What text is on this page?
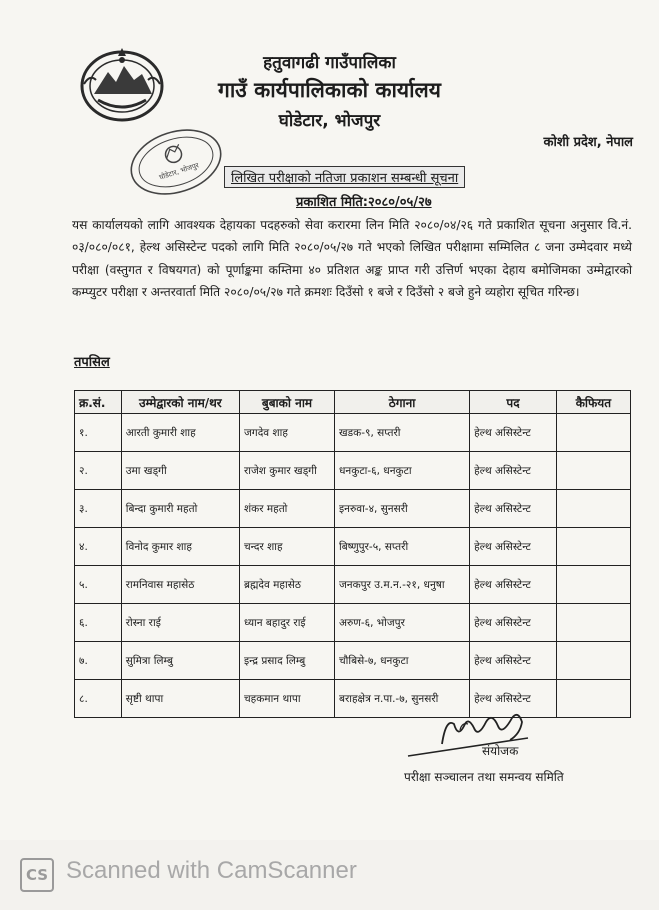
घोडेटार, भोजपुर
हतुवागढी गाउँपालिका
गाउँ कार्यपालिकाको कार्यालय
घोडेटार, भोजपुर
कोशी प्रदेश, नेपाल
लिखित परीक्षाको नतिजा प्रकाशन सम्बन्धी सूचना
प्रकाशित मिति:२०८०/०५/२७
यस कार्यालयको लागि आवश्यक देहायका पदहरुको सेवा करारमा लिन मिति २०८०/०४/२६ गते प्रकाशित सूचना अनुसार वि.नं. ०३/०८०/०८१, हेल्थ असिस्टेन्ट पदको लागि मिति २०८०/०५/२७ गते भएको लिखित परीक्षामा सम्मिलित ८ जना उम्मेदवार मध्ये परीक्षा (वस्तुगत र विषयगत) को पूर्णाङ्कमा कम्तिमा ४० प्रतिशत अङ्क प्राप्त गरी उत्तिर्ण भएका देहाय बमोजिमका उम्मेद्वारको कम्प्युटर परीक्षा र अन्तरवार्ता मिति २०८०/०५/२७ गते क्रमशः दिउँसो १ बजे र दिउँसो २ बजे हुने व्यहोरा सूचित गरिन्छ।
तपसिल
क्र.सं.	उम्मेद्वारको नाम/थर	बुबाको नाम	ठेगाना	पद	कैफियत
१.	आरती कुमारी शाह	जगदेव शाह	खडक-९, सप्तरी	हेल्थ असिस्टेन्ट	
२.	उमा खड्गी	राजेश कुमार खड्गी	धनकुटा-६, धनकुटा	हेल्थ असिस्टेन्ट	
३.	बिन्दा कुमारी महतो	शंकर महतो	इनरुवा-४, सुनसरी	हेल्थ असिस्टेन्ट	
४.	विनोद कुमार शाह	चन्दर शाह	बिष्णुपुर-५, सप्तरी	हेल्थ असिस्टेन्ट	
५.	रामनिवास महासेठ	ब्रह्मदेव महासेठ	जनकपुर उ.म.न.-२१, धनुषा	हेल्थ असिस्टेन्ट	
६.	रोस्ना राई	ध्यान बहादुर राई	अरुण-६, भोजपुर	हेल्थ असिस्टेन्ट	
७.	सुमित्रा लिम्बु	इन्द्र प्रसाद लिम्बु	चौबिसे-७, धनकुटा	हेल्थ असिस्टेन्ट	
८.	सृष्टी थापा	चहकमान थापा	बराहक्षेत्र न.पा.-७, सुनसरी	हेल्थ असिस्टेन्ट	
संयोजक
परीक्षा सञ्चालन तथा समन्वय समिति
CS Scanned with CamScanner
